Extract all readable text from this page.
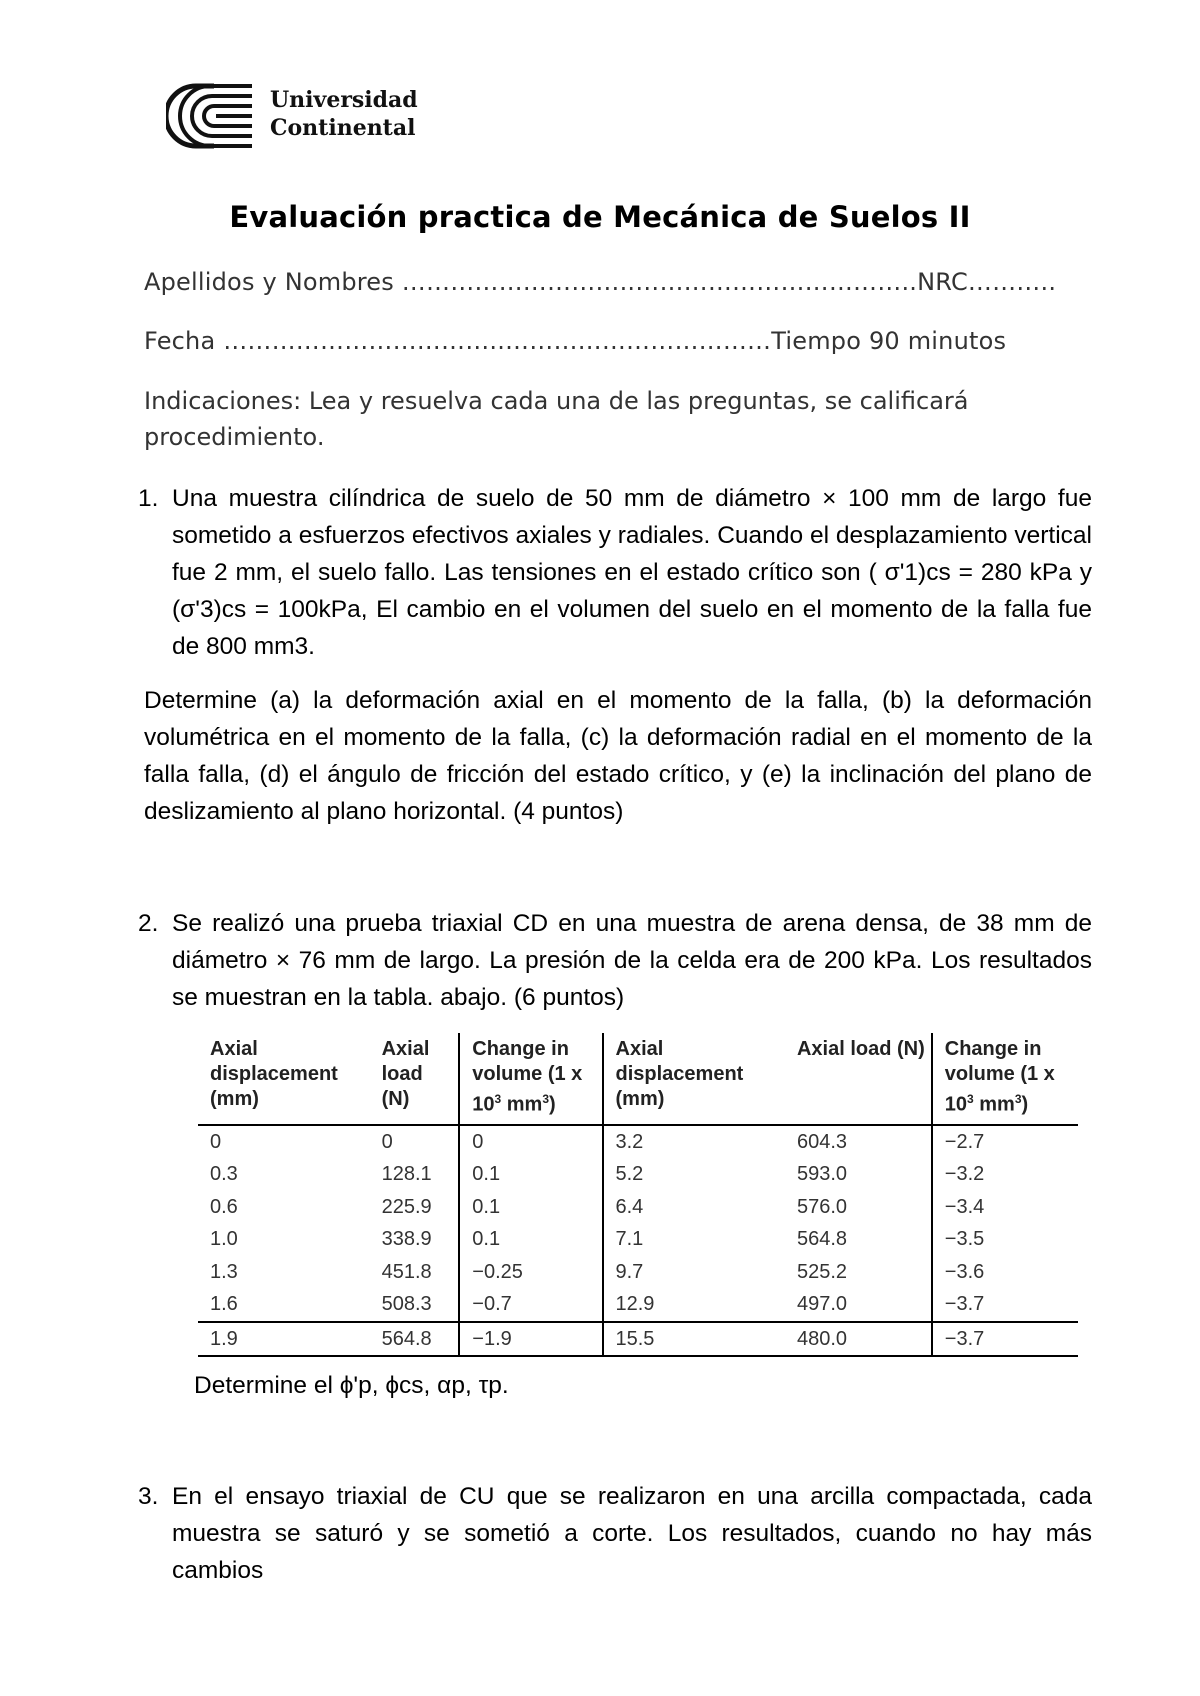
Universidad
Continental
Evaluación practica de Mecánica de Suelos II
Apellidos y Nombres ………………………..……………………………..NRC………..
Fecha ……………………………..……………………………Tiempo 90 minutos
Indicaciones: Lea y resuelva cada una de las preguntas, se calificará procedimiento.
1. Una muestra cilíndrica de suelo de 50 mm de diámetro × 100 mm de largo fue sometido a esfuerzos efectivos axiales y radiales. Cuando el desplazamiento vertical fue 2 mm, el suelo fallo. Las tensiones en el estado crítico son ( σ'1)cs = 280 kPa y (σ'3)cs = 100kPa, El cambio en el volumen del suelo en el momento de la falla fue de 800 mm3.
Determine (a) la deformación axial en el momento de la falla, (b) la deformación volumétrica en el momento de la falla, (c) la deformación radial en el momento de la falla falla, (d) el ángulo de fricción del estado crítico, y (e) la inclinación del plano de deslizamiento al plano horizontal. (4 puntos)
2. Se realizó una prueba triaxial CD en una muestra de arena densa, de 38 mm de diámetro × 76 mm de largo. La presión de la celda era de 200 kPa. Los resultados se muestran en la tabla. abajo. (6 puntos)
Axial displacement (mm)	Axial load (N)	Change in volume (1 x $10^3$ $mm^3$)	Axial displacement (mm)	Axial load (N)	Change in volume (1 x $10^3$ $mm^3$)
0	0	0	3.2	604.3	−2.7
0.3	128.1	0.1	5.2	593.0	−3.2
0.6	225.9	0.1	6.4	576.0	−3.4
1.0	338.9	0.1	7.1	564.8	−3.5
1.3	451.8	−0.25	9.7	525.2	−3.6
1.6	508.3	−0.7	12.9	497.0	−3.7
1.9	564.8	−1.9	15.5	480.0	−3.7
Determine el ϕ'p, ϕcs, αp, τp.
3. En el ensayo triaxial de CU que se realizaron en una arcilla compactada, cada muestra se saturó y se sometió a corte. Los resultados, cuando no hay más cambios
